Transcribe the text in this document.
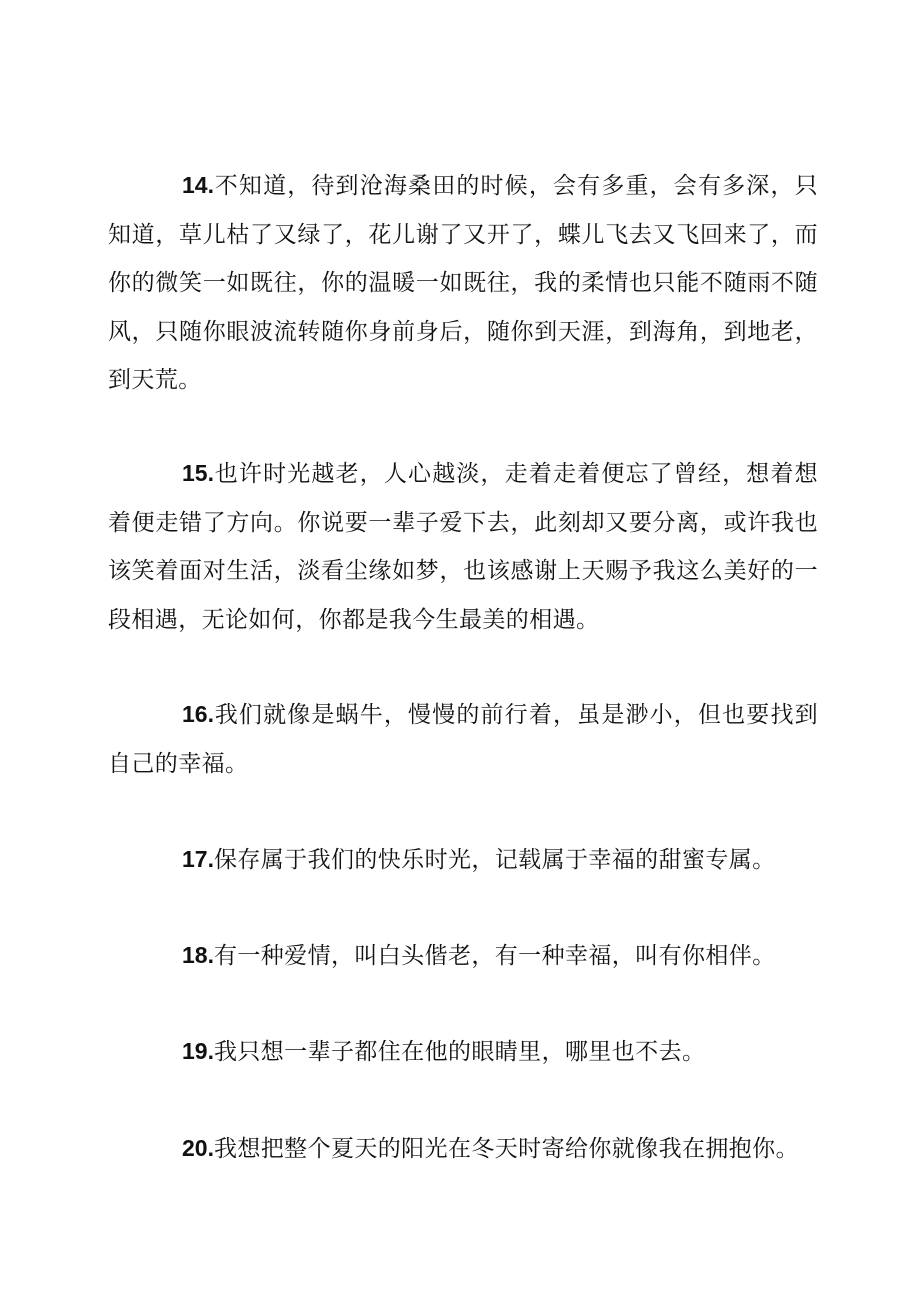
14.不知道，待到沧海桑田的时候，会有多重，会有多深，只知道，草儿枯了又绿了，花儿谢了又开了，蝶儿飞去又飞回来了，而你的微笑一如既往，你的温暖一如既往，我的柔情也只能不随雨不随风，只随你眼波流转随你身前身后，随你到天涯，到海角，到地老，到天荒。

15.也许时光越老，人心越淡，走着走着便忘了曾经，想着想着便走错了方向。你说要一辈子爱下去，此刻却又要分离，或许我也该笑着面对生活，淡看尘缘如梦，也该感谢上天赐予我这么美好的一段相遇，无论如何，你都是我今生最美的相遇。

16.我们就像是蜗牛，慢慢的前行着，虽是渺小，但也要找到自己的幸福。

17.保存属于我们的快乐时光，记载属于幸福的甜蜜专属。

18.有一种爱情，叫白头偕老，有一种幸福，叫有你相伴。

19.我只想一辈子都住在他的眼睛里，哪里也不去。

20.我想把整个夏天的阳光在冬天时寄给你就像我在拥抱你。
